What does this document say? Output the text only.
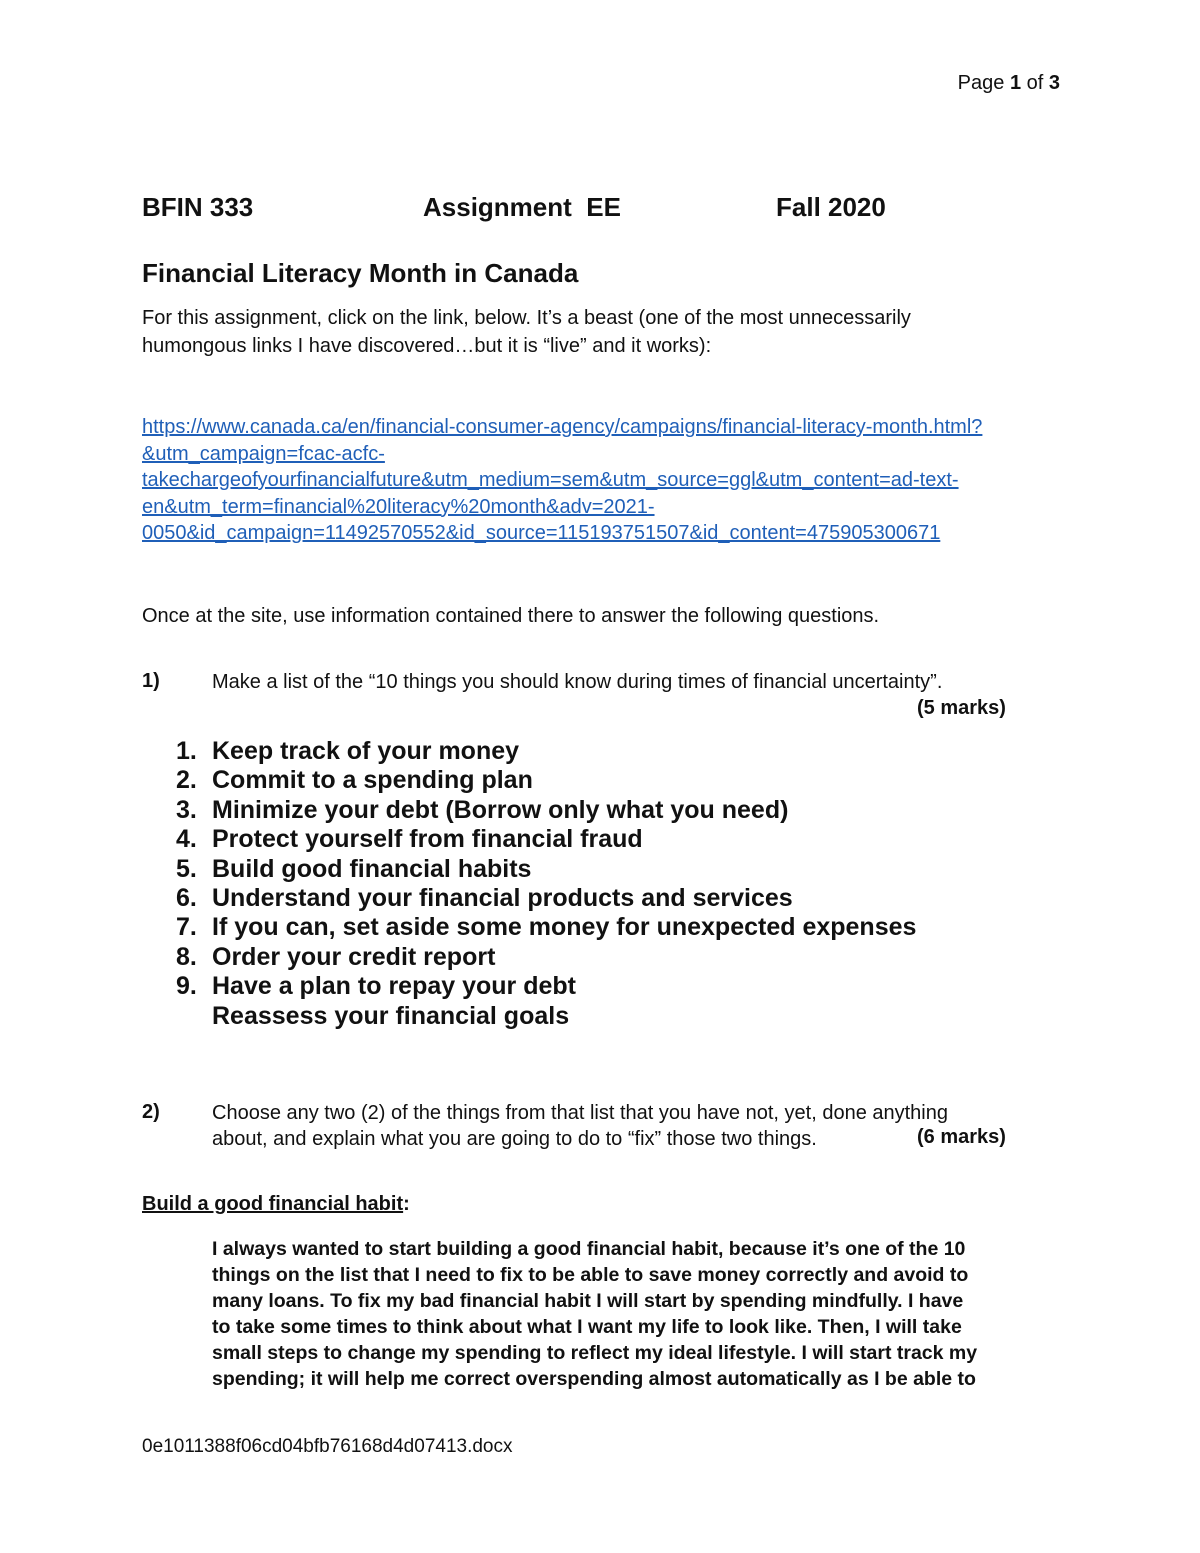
Page 1 of 3
BFIN 333	Assignment  EE	Fall 2020
Financial Literacy Month in Canada
For this assignment, click on the link, below. It’s a beast (one of the most unnecessarily
humongous links I have discovered…but it is “live” and it works):
https://www.canada.ca/en/financial-consumer-agency/campaigns/financial-literacy-month.html?
&utm_campaign=fcac-acfc-
takechargeofyourfinancialfuture&utm_medium=sem&utm_source=ggl&utm_content=ad-text-
en&utm_term=financial%20literacy%20month&adv=2021-
0050&id_campaign=11492570552&id_source=115193751507&id_content=475905300671
Once at the site, use information contained there to answer the following questions.
1)	Make a list of the “10 things you should know during times of financial uncertainty”.
(5 marks)
1. Keep track of your money
2. Commit to a spending plan
3. Minimize your debt (Borrow only what you need)
4. Protect yourself from financial fraud
5. Build good financial habits
6. Understand your financial products and services
7. If you can, set aside some money for unexpected expenses
8. Order your credit report
9. Have a plan to repay your debt
Reassess your financial goals
2)	Choose any two (2) of the things from that list that you have not, yet, done anything
about, and explain what you are going to do to “fix” those two things.	(6 marks)
Build a good financial habit:
I always wanted to start building a good financial habit, because it’s one of the 10
things on the list that I need to fix to be able to save money correctly and avoid to
many loans. To fix my bad financial habit I will start by spending mindfully. I have
to take some times to think about what I want my life to look like. Then, I will take
small steps to change my spending to reflect my ideal lifestyle. I will start track my
spending; it will help me correct overspending almost automatically as I be able to
0e1011388f06cd04bfb76168d4d07413.docx
